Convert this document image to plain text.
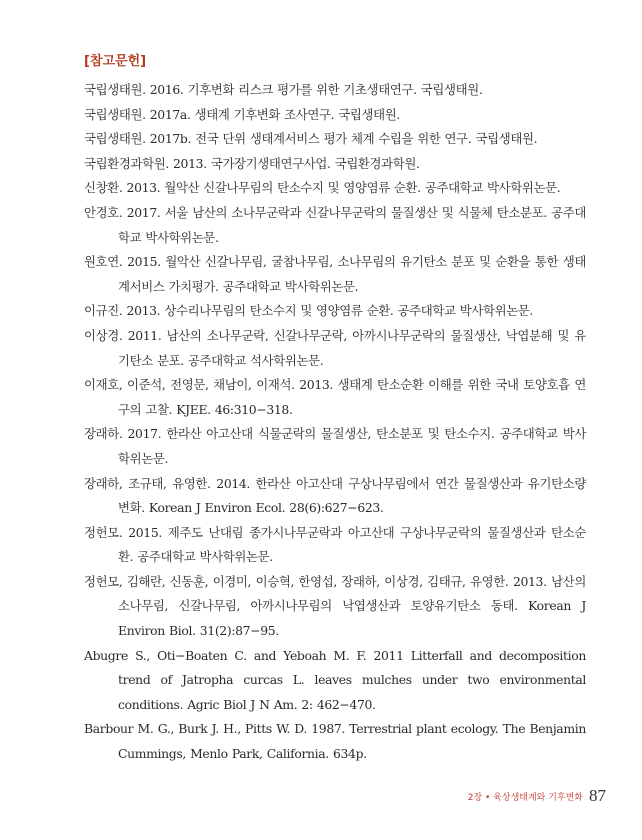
[참고문헌]
국립생태원. 2016. 기후변화 리스크 평가를 위한 기초생태연구. 국립생태원.
국립생태원. 2017a. 생태계 기후변화 조사연구. 국립생태원.
국립생태원. 2017b. 전국 단위 생태계서비스 평가 체계 수립을 위한 연구. 국립생태원.
국립환경과학원. 2013. 국가장기생태연구사업. 국립환경과학원.
신창환. 2013. 월악산 신갈나무림의 탄소수지 및 영양염류 순환. 공주대학교 박사학위논문.
안경호. 2017. 서울 남산의 소나무군락과 신갈나무군락의 물질생산 및 식물체 탄소분포. 공주대학교 박사학위논문.
원호연. 2015. 월악산 신갈나무림, 굴참나무림, 소나무림의 유기탄소 분포 및 순환을 통한 생태계서비스 가치평가. 공주대학교 박사학위논문.
이규진. 2013. 상수리나무림의 탄소수지 및 영양염류 순환. 공주대학교 박사학위논문.
이상경. 2011. 남산의 소나무군락, 신갈나무군락, 아까시나무군락의 물질생산, 낙엽분해 및 유기탄소 분포. 공주대학교 석사학위논문.
이재호, 이준석, 전영문, 채남이, 이재석. 2013. 생태계 탄소순환 이해를 위한 국내 토양호흡 연구의 고찰. KJEE. 46:310−318.
장래하. 2017. 한라산 아고산대 식물군락의 물질생산, 탄소분포 및 탄소수지. 공주대학교 박사학위논문.
장래하, 조규태, 유영한. 2014. 한라산 아고산대 구상나무림에서 연간 물질생산과 유기탄소량 변화. Korean J Environ Ecol. 28(6):627−623.
정헌모. 2015. 제주도 난대림 종가시나무군락과 아고산대 구상나무군락의 물질생산과 탄소순환. 공주대학교 박사학위논문.
정헌모, 김해란, 신동훈, 이경미, 이승혁, 한영섭, 장래하, 이상경, 김태규, 유영한. 2013. 남산의 소나무림, 신갈나무림, 아까시나무림의 낙엽생산과 토양유기탄소 동태. Korean J Environ Biol. 31(2):87−95.
Abugre S., Oti−Boaten C. and Yeboah M. F. 2011 Litterfall and decomposition trend of Jatropha curcas L. leaves mulches under two environmental conditions. Agric Biol J N Am. 2: 462−470.
Barbour M. G., Burk J. H., Pitts W. D. 1987. Terrestrial plant ecology. The Benjamin Cummings, Menlo Park, California. 634p.
2장 • 육상생태계와 기후변화 87
